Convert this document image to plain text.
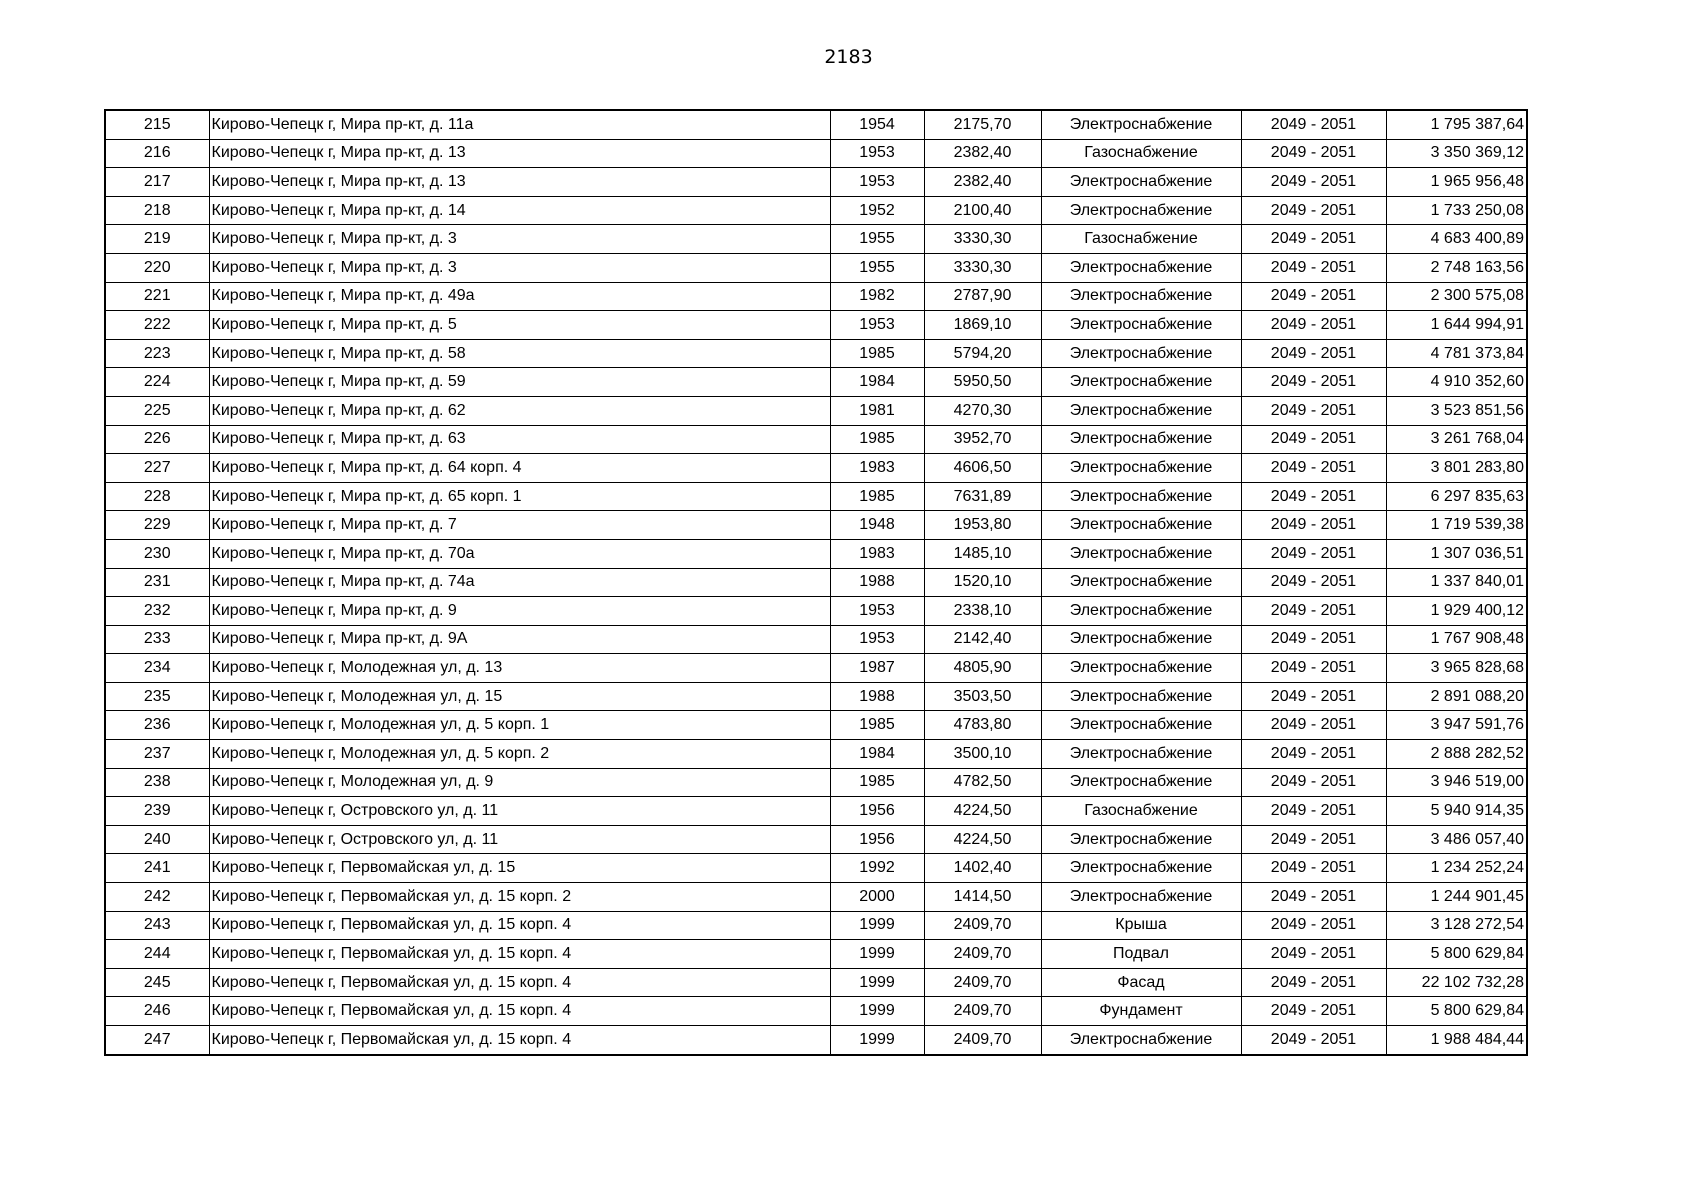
2183
215	Кирово-Чепецк г, Мира пр-кт, д. 11а	1954	2175,70	Электроснабжение	2049 - 2051	1 795 387,64
216	Кирово-Чепецк г, Мира пр-кт, д. 13	1953	2382,40	Газоснабжение	2049 - 2051	3 350 369,12
217	Кирово-Чепецк г, Мира пр-кт, д. 13	1953	2382,40	Электроснабжение	2049 - 2051	1 965 956,48
218	Кирово-Чепецк г, Мира пр-кт, д. 14	1952	2100,40	Электроснабжение	2049 - 2051	1 733 250,08
219	Кирово-Чепецк г, Мира пр-кт, д. 3	1955	3330,30	Газоснабжение	2049 - 2051	4 683 400,89
220	Кирово-Чепецк г, Мира пр-кт, д. 3	1955	3330,30	Электроснабжение	2049 - 2051	2 748 163,56
221	Кирово-Чепецк г, Мира пр-кт, д. 49а	1982	2787,90	Электроснабжение	2049 - 2051	2 300 575,08
222	Кирово-Чепецк г, Мира пр-кт, д. 5	1953	1869,10	Электроснабжение	2049 - 2051	1 644 994,91
223	Кирово-Чепецк г, Мира пр-кт, д. 58	1985	5794,20	Электроснабжение	2049 - 2051	4 781 373,84
224	Кирово-Чепецк г, Мира пр-кт, д. 59	1984	5950,50	Электроснабжение	2049 - 2051	4 910 352,60
225	Кирово-Чепецк г, Мира пр-кт, д. 62	1981	4270,30	Электроснабжение	2049 - 2051	3 523 851,56
226	Кирово-Чепецк г, Мира пр-кт, д. 63	1985	3952,70	Электроснабжение	2049 - 2051	3 261 768,04
227	Кирово-Чепецк г, Мира пр-кт, д. 64 корп. 4	1983	4606,50	Электроснабжение	2049 - 2051	3 801 283,80
228	Кирово-Чепецк г, Мира пр-кт, д. 65 корп. 1	1985	7631,89	Электроснабжение	2049 - 2051	6 297 835,63
229	Кирово-Чепецк г, Мира пр-кт, д. 7	1948	1953,80	Электроснабжение	2049 - 2051	1 719 539,38
230	Кирово-Чепецк г, Мира пр-кт, д. 70а	1983	1485,10	Электроснабжение	2049 - 2051	1 307 036,51
231	Кирово-Чепецк г, Мира пр-кт, д. 74а	1988	1520,10	Электроснабжение	2049 - 2051	1 337 840,01
232	Кирово-Чепецк г, Мира пр-кт, д. 9	1953	2338,10	Электроснабжение	2049 - 2051	1 929 400,12
233	Кирово-Чепецк г, Мира пр-кт, д. 9А	1953	2142,40	Электроснабжение	2049 - 2051	1 767 908,48
234	Кирово-Чепецк г, Молодежная ул, д. 13	1987	4805,90	Электроснабжение	2049 - 2051	3 965 828,68
235	Кирово-Чепецк г, Молодежная ул, д. 15	1988	3503,50	Электроснабжение	2049 - 2051	2 891 088,20
236	Кирово-Чепецк г, Молодежная ул, д. 5 корп. 1	1985	4783,80	Электроснабжение	2049 - 2051	3 947 591,76
237	Кирово-Чепецк г, Молодежная ул, д. 5 корп. 2	1984	3500,10	Электроснабжение	2049 - 2051	2 888 282,52
238	Кирово-Чепецк г, Молодежная ул, д. 9	1985	4782,50	Электроснабжение	2049 - 2051	3 946 519,00
239	Кирово-Чепецк г, Островского ул, д. 11	1956	4224,50	Газоснабжение	2049 - 2051	5 940 914,35
240	Кирово-Чепецк г, Островского ул, д. 11	1956	4224,50	Электроснабжение	2049 - 2051	3 486 057,40
241	Кирово-Чепецк г, Первомайская ул, д. 15	1992	1402,40	Электроснабжение	2049 - 2051	1 234 252,24
242	Кирово-Чепецк г, Первомайская ул, д. 15 корп. 2	2000	1414,50	Электроснабжение	2049 - 2051	1 244 901,45
243	Кирово-Чепецк г, Первомайская ул, д. 15 корп. 4	1999	2409,70	Крыша	2049 - 2051	3 128 272,54
244	Кирово-Чепецк г, Первомайская ул, д. 15 корп. 4	1999	2409,70	Подвал	2049 - 2051	5 800 629,84
245	Кирово-Чепецк г, Первомайская ул, д. 15 корп. 4	1999	2409,70	Фасад	2049 - 2051	22 102 732,28
246	Кирово-Чепецк г, Первомайская ул, д. 15 корп. 4	1999	2409,70	Фундамент	2049 - 2051	5 800 629,84
247	Кирово-Чепецк г, Первомайская ул, д. 15 корп. 4	1999	2409,70	Электроснабжение	2049 - 2051	1 988 484,44
